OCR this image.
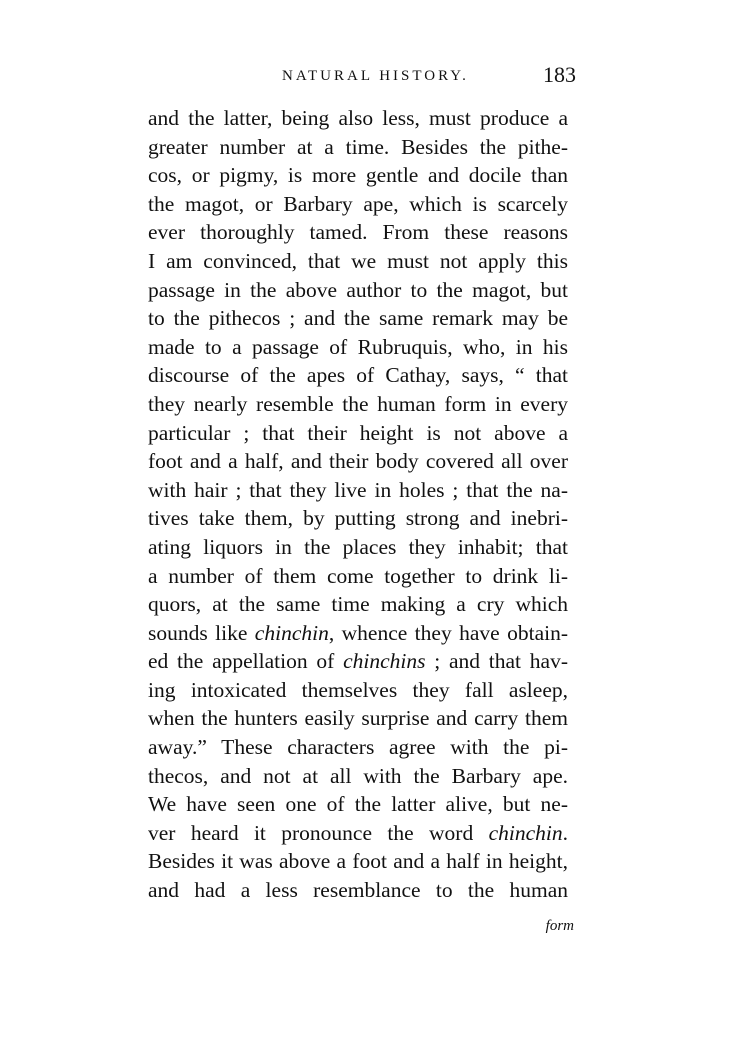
NATURAL HISTORY.	183
and the latter, being also less, must produce a
greater number at a time. Besides the pithe-
cos, or pigmy, is more gentle and docile than
the magot, or Barbary ape, which is scarcely
ever thoroughly tamed. From these reasons
I am convinced, that we must not apply this
passage in the above author to the magot, but
to the pithecos ; and the same remark may be
made to a passage of Rubruquis, who, in his
discourse of the apes of Cathay, says, “ that
they nearly resemble the human form in every
particular ; that their height is not above a
foot and a half, and their body covered all over
with hair ; that they live in holes ; that the na-
tives take them, by putting strong and inebri-
ating liquors in the places they inhabit; that
a number of them come together to drink li-
quors, at the same time making a cry which
sounds like chinchin, whence they have obtain-
ed the appellation of chinchins ; and that hav-
ing intoxicated themselves they fall asleep,
when the hunters easily surprise and carry them
away.” These characters agree with the pi-
thecos, and not at all with the Barbary ape.
We have seen one of the latter alive, but ne-
ver heard it pronounce the word chinchin.
Besides it was above a foot and a half in height,
and had a less resemblance to the human
form
